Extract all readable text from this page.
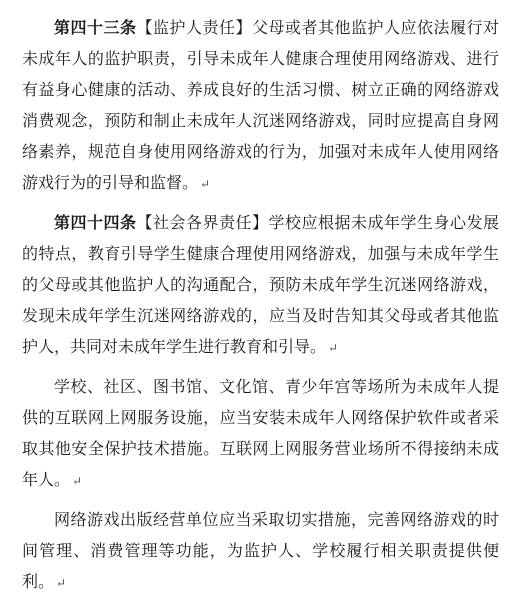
第四十三条【监护人责任】父母或者其他监护人应依法履行对未成年人的监护职责，引导未成年人健康合理使用网络游戏、进行有益身心健康的活动、养成良好的生活习惯、树立正确的网络游戏消费观念，预防和制止未成年人沉迷网络游戏，同时应提高自身网络素养，规范自身使用网络游戏的行为，加强对未成年人使用网络游戏行为的引导和监督。 ↵

第四十四条【社会各界责任】学校应根据未成年学生身心发展的特点，教育引导学生健康合理使用网络游戏，加强与未成年学生的父母或其他监护人的沟通配合，预防未成年学生沉迷网络游戏，发现未成年学生沉迷网络游戏的，应当及时告知其父母或者其他监护人，共同对未成年学生进行教育和引导。 ↵

学校、社区、图书馆、文化馆、青少年宫等场所为未成年人提供的互联网上网服务设施，应当安装未成年人网络保护软件或者采取其他安全保护技术措施。互联网上网服务营业场所不得接纳未成年人。 ↵

网络游戏出版经营单位应当采取切实措施，完善网络游戏的时间管理、消费管理等功能，为监护人、学校履行相关职责提供便利。 ↵
